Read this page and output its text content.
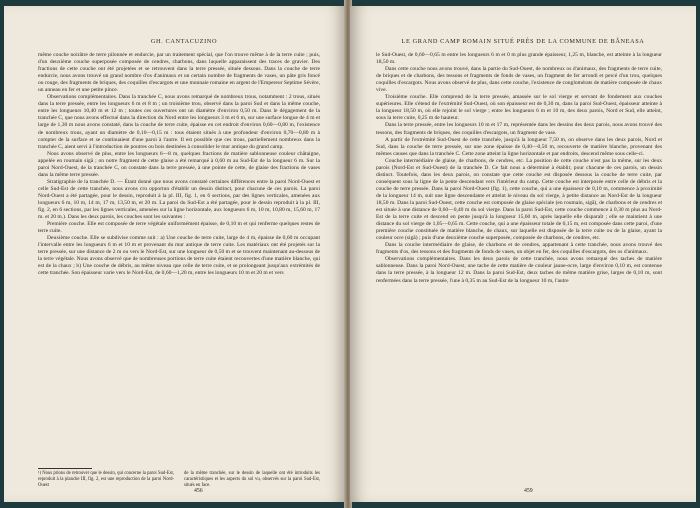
GH. CANTACUZINO

même couche noirâtre de terre pilonnée et endurcie, par un traitement spécial, que l'on trouve même à de la terre cuite ; puis, d'un deuxième couche superposée composée de cendres, charbons, dans laquelle apparaissent des traces de gravier. Des fractions de cette couche ont été projetées et se retrouvent dans la terre pressée, située dessous. Dans la couche de terre endurcie, nous avons trouvé un grand nombre d'os d'animaux et un certain nombre de fragments de vases, un pâte gris foncé ou rouge, des fragments de briques, des coquilles d'escargots et une monnaie romaine en argent de l'Empereur Septime Sévère, un anneau en fer et une petite pince.

Observations complémentaires. Dans la tranchée C, nous avons remarqué de nombreux trous, notamment : 2 trous, situés dans la terre pressée, entre les longueurs 6 m et 8 m ; un troisième trou, observé dans la paroi Sud et dans la même couche, entre les longueurs 10,40 m et 12 m ; toutes ces ouvertures ont un diamètre d'environ 0,50 m. Dans le dégagement de la tranchée C, que nous avons effectué dans la direction du Nord entre les longueurs 3 m et 6 m, sur une surface longue de 4 m et large de 1,30 m nous avons constaté, dans la couche de terre cuite, épaisse en cet endroit d'environ 0,60—0,80 m, l'existence de nombreux trous, ayant un diamètre de 0,10—0,15 m : tous étaient situés à une profondeur d'environ 0,70—0,80 m à compter de la surface et se continuaient d'une paroi à l'autre. Il est possible que ces trous, partiellement nombreux dans la tranchée C, aient servi à l'introduction de poutres ou bois destinées à consolider le mur antique du grand camp.

Nous avons observé de plus, entre les longueurs 6—8 m, quelques fractions de matière sablonneuse couleur châtaigne, appelée en roumain sigă ; on notre fragment de cette glaise a été remarqué à 0,60 m au Sud-Est de la longueur 6 m. Sur la paroi Nord-Ouest, de la tranchée C, on constate dans la terre pressée, à une pointe de cette, de glaise des fractions de vases dans la même terre pressée.

Stratigraphie de la tranchée D. — Étant donné que nous avons constaté certaines différences entre la paroi Nord-Ouest et celle Sud-Est de cette tranchée, nous avons cru opportun d'établir un dessin distinct, pour chacune de ces parois. La paroi Nord-Ouest a été partagée, pour le dessin, reproduit à la pl. III, fig. 1, en 6 sections, par des lignes verticales, amenées aux longueurs 6 m, 10 m, 14 m, 17 m, 13,50 m, et 20 m. La paroi du Sud-Est a été partagée, pour le dessin reproduit à la pl. III, fig. 2, en 6 sections, par les lignes verticales, amenées sur la ligne horizontale, aux longueurs 6 m, 10 m, 10,80 m, 15,60 m, 17 m. et 20 m.). Dans les deux parois, les couches sont les suivantes :

Première couche. Elle est composée de terre végétale uniformément épaisse, de 0,10 m et qui renferme quelques restes de terre cuite.

Deuxième couche. Elle se subdivise comme suit : a) Une couche de terre cuite, large de 4 m, épaisse de 0,60 m occupant l'intervalle entre les longueurs 6 m et 10 m et provenant du mur antique de terre cuite. Les matériaux ont été projetés sur la terre pressée, sur une distance de 2 m ou vers le Nord-Est, sur une longueur de 0,50 m et se trouvent maintenant au-dessous de la terre végétale. Nous avons observé que de nombreuses portions de terre cuite étaient recouvertes d'une matière blanche, qui est de la chaux ; b) Une couche de débris, au même niveau que celle de terre cuite, et se prolongeant jusqu'aux extrémités de cette tranchée. Son épaisseur varie vers le Nord-Est, de 0,60—1,20 m, entre les longueurs 10 m et 20 m et vers

¹) Nous prions de retrouver que le dessin, qui concerne la paroi Sud-Est, reproduit à la planche III, fig. 2, est une reproduction de la paroi Nord-Ouest
de la même tranchée, sur le dessin de laquelle ont été introduits les caractéristiques et les aspects du sol vu, observés sur la paroi Sud-Est, situés en face.
456
LE GRAND CAMP ROMAIN SITUÉ PRÈS DE LA COMMUNE DE BĂNEASA

le Sud-Ouest, de 0,60—0,65 m entre les longueurs 6 m et 0 m plus grande épaisseur, 1,25 m, blanche, est atteinte à la longueur 18,50 m.

Dans cette couche nous avons trouvé, dans la partie du Sud-Ouest, de nombreux os d'animaux, des fragments de terre cuite, de briques et de charbons, des tessons et fragments de fonds de vases, un fragment de fer arrondi et percé d'un trou, quelques coquilles d'escargots. Nous avons observé de plus, dans cette couche, l'existence de conglomérats de matière composée de chaux vive.

Troisième couche. Elle comprend de la terre pressée, amassée sur le sol vierge et servant de fondement aux couches supérieures. Elle s'étend de l'extrémité Sud-Ouest, où son épaisseur est de 0,30 m, dans la paroi Sud-Ouest, épaisseur atteinte à la longueur 18,50 m, où elle rejoint le sol vierge ; entre les longueurs 6 m et 10 m, des deux parois, Nord et Sud, elle atteint, sous la terre cuite, 0,25 m de hauteur.

Dans la terre pressée, entre les longueurs 10 m et 17 m, représentée dans les dessins des deux parois, nous avons trouvé des tessons, des fragments de briques, des coquilles d'escargots, un fragment de vase.

A partir de l'extrémité Sud-Ouest de cette tranchée, jusqu'à la longueur 7,50 m, on observe dans les deux parois, Nord et Sud, dans la couche de terre pressée, sur une zone épaisse de 0,40—0,50 m, recouverte de matière blanche, provenant des mêmes causes que dans la tranchée C. Cette zone atteint la ligne horizontale et par endroits, descend même sous celle-ci.

Couche intermédiaire de glaise, de charbons, de cendres, etc. La position de cette couche n'est pas la même, sur les deux parois (Nord-Est et Sud-Ouest) de la tranchée D. Ce fait nous a déterminé à établir, pour chacune de ces parois, un dessin distinct. Toutefois, dans les deux parois, on constate que cette couche est disposée dessous la couche de terre cuite, par conséquent sous la ligne de la pente descendant vers l'intérieur du camp. Cette couche est interposée entre celle de débris et la couche de terre pressée. Dans la paroi Nord-Ouest (fig. 1), cette couche, qui a une épaisseur de 0,10 m, commence à proximité de la longueur 14 m, suit une ligne descendante et atteint le niveau du sol vierge, à petite distance au Nord-Est de la longueur 18,50 m. Dans la paroi Sud-Ouest, cette couche est composée de glaise spéciale (en roumain, sigă), de charbons et de cendres et est située à une distance de 0,60—0,40 m du sol vierge. Dans la paroi Sud-Est, cette couche commence à 0,30 m plus au Nord-Est de la terre cuite et descend en pente jusqu'à la longueur 15,60 m, après laquelle elle disparaît ; elle se maintient à une distance du sol vierge de 1,05—0,65 m. Cette couche, qui a une épaisseur totale de 0,15 m, est composée dans cette paroi, d'une première couche constituée de matière blanche, de chaux, sur laquelle est disposée de la terre cuite ou de la glaise, ayant la couleur ocre (sigă) ; puis d'une deuxième couche superposée, composée de charbons, de cendres, etc.

Dans la couche intermédiaire de glaise, de charbons et de cendres, appartenant à cette tranchée, nous avons trouvé des fragments d'os, des tessons et des fragments de fonds de vases, un objet en fer, des coquilles d'escargots, des os d'animaux.

Observations complémentaires. Dans les deux parois de cette tranchée, nous avons remarqué des taches de matière sablonneuse. Dans la paroi Nord-Ouest, une tache de cette matière de couleur jaune-ocre, large d'environ 0,10 m, est contenue dans la terre pressée, à la longueur 12 m. Dans la paroi Sud-Est, deux taches de même matière grise, larges de 0,10 m, sont renfermées dans la terre pressée, l'une à 0,35 m au Sud-Est de la longueur 10 m, l'autre

459
